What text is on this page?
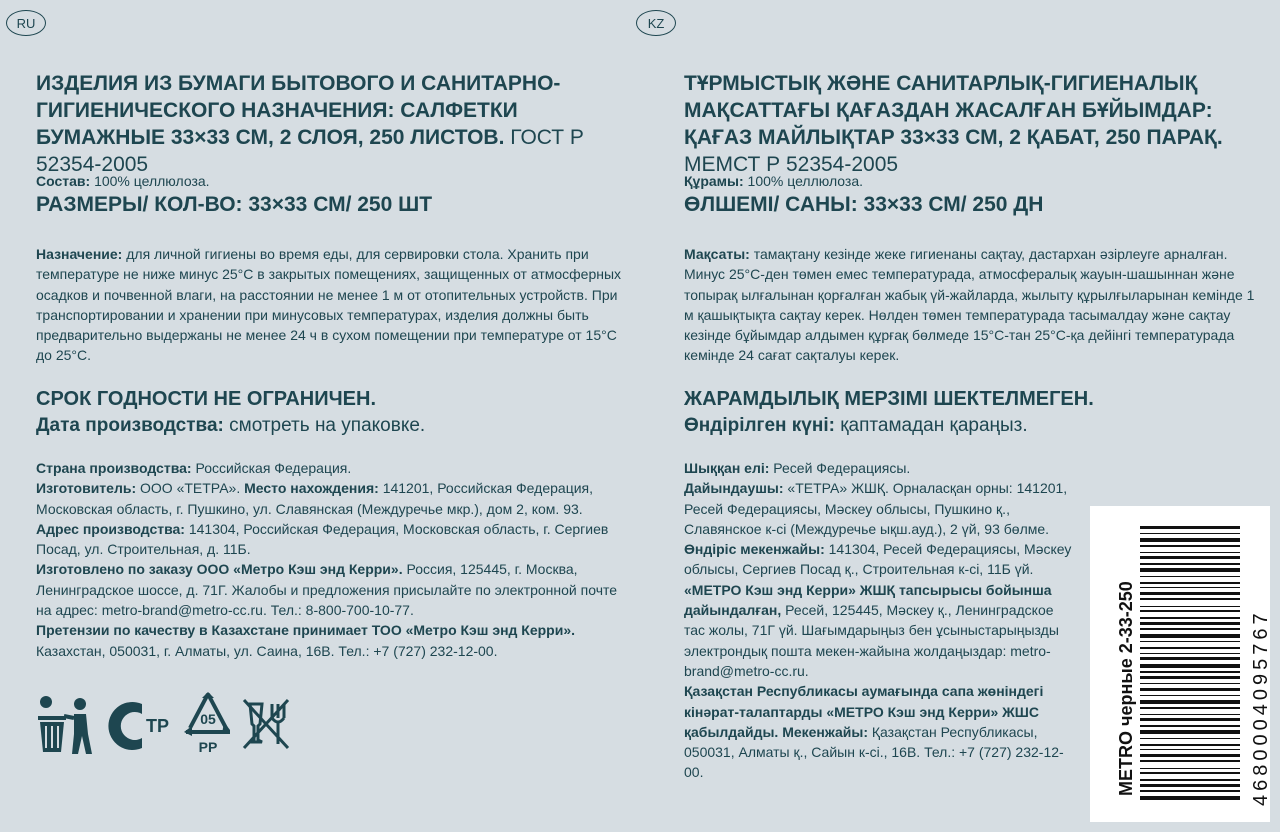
RU

ИЗДЕЛИЯ ИЗ БУМАГИ БЫТОВОГО И САНИТАРНО-ГИГИЕНИЧЕСКОГО НАЗНАЧЕНИЯ: САЛФЕТКИ БУМАЖНЫЕ 33×33 СМ, 2 СЛОЯ, 250 ЛИСТОВ. ГОСТ Р 52354-2005

Состав: 100% целлюлоза.
РАЗМЕРЫ/ КОЛ-ВО: 33×33 СМ/ 250 ШТ

Назначение: для личной гигиены во время еды, для сервировки стола. Хранить при температуре не ниже минус 25°С в закрытых помещениях, защищенных от атмосферных осадков и почвенной влаги, на расстоянии не менее 1 м от отопительных устройств. При транспортировании и хранении при минусовых температурах, изделия должны быть предварительно выдержаны не менее 24 ч в сухом помещении при температуре от 15°С до 25°С.

СРОК ГОДНОСТИ НЕ ОГРАНИЧЕН.
Дата производства: смотреть на упаковке.

Страна производства: Российская Федерация.
Изготовитель: ООО «ТЕТРА». Место нахождения: 141201, Российская Федерация, Московская область, г. Пушкино, ул. Славянская (Междуречье мкр.), дом 2, ком. 93.
Адрес производства: 141304, Российская Федерация, Московская область, г. Сергиев Посад, ул. Строительная, д. 11Б.
Изготовлено по заказу ООО «Метро Кэш энд Керри». Россия, 125445, г. Москва, Ленинградское шоссе, д. 71Г. Жалобы и предложения присылайте по электронной почте на адрес: metro-brand@metro-cc.ru. Тел.: 8-800-700-10-77.
Претензии по качеству в Казахстане принимает ТОО «Метро Кэш энд Керри». Казахстан, 050031, г. Алматы, ул. Саина, 16В. Тел.: +7 (727) 232-12-00.

ТР 05
PP
KZ

ТҰРМЫСТЫҚ ЖӘНЕ САНИТАРЛЫҚ-ГИГИЕНАЛЫҚ МАҚСАТТАҒЫ ҚАҒАЗДАН ЖАСАЛҒАН БҰЙЫМДАР: ҚАҒАЗ МАЙЛЫҚТАР 33×33 СМ, 2 ҚАБАТ, 250 ПАРАҚ. МЕМСТ Р 52354-2005

Құрамы: 100% целлюлоза.
ӨЛШЕМІ/ САНЫ: 33×33 СМ/ 250 ДН

Мақсаты: тамақтану кезінде жеке гигиенаны сақтау, дастархан әзірлеуге арналған. Минус 25°С-ден төмен емес температурада, атмосфералық жауын-шашыннан және топырақ ылғалынан қорғалған жабық үй-жайларда, жылыту құрылғыларынан кемінде 1 м қашықтықта сақтау керек. Нөлден төмен температурада тасымалдау және сақтау кезінде бұйымдар алдымен құрғақ бөлмеде 15°С-тан 25°С-қа дейінгі температурада кемінде 24 сағат сақталуы керек.

ЖАРАМДЫЛЫҚ МЕРЗІМІ ШЕКТЕЛМЕГЕН.
Өндірілген күні: қаптамадан қараңыз.

Шыққан елі: Ресей Федерациясы.
Дайындаушы: «ТЕТРА» ЖШҚ. Орналасқан орны: 141201, Ресей Федерациясы, Мәскеу облысы, Пушкино қ., Славянское к-сі (Междуречье ықш.ауд.), 2 үй, 93 бөлме.
Өндіріс мекенжайы: 141304, Ресей Федерациясы, Мәскеу облысы, Сергиев Посад қ., Строительная к-сі, 11Б үй.
«МЕТРО Кэш энд Керри» ЖШҚ тапсырысы бойынша дайындалған, Ресей, 125445, Мәскеу қ., Ленинградское тас жолы, 71Г үй. Шағымдарыңыз бен ұсыныстарыңызды электрондық пошта мекен-жайына жолдаңыздар: metro-brand@metro-cc.ru.
Қазақстан Республикасы аумағында сапа жөніндегі кінәрат-талаптарды «МЕТРО Кэш энд Керри» ЖШС қабылдайды. Мекенжайы: Қазақстан Республикасы, 050031, Алматы қ., Сайын к-сі., 16В. Тел.: +7 (727) 232-12-00.	METRO черные 2-33-250	4680004095767
